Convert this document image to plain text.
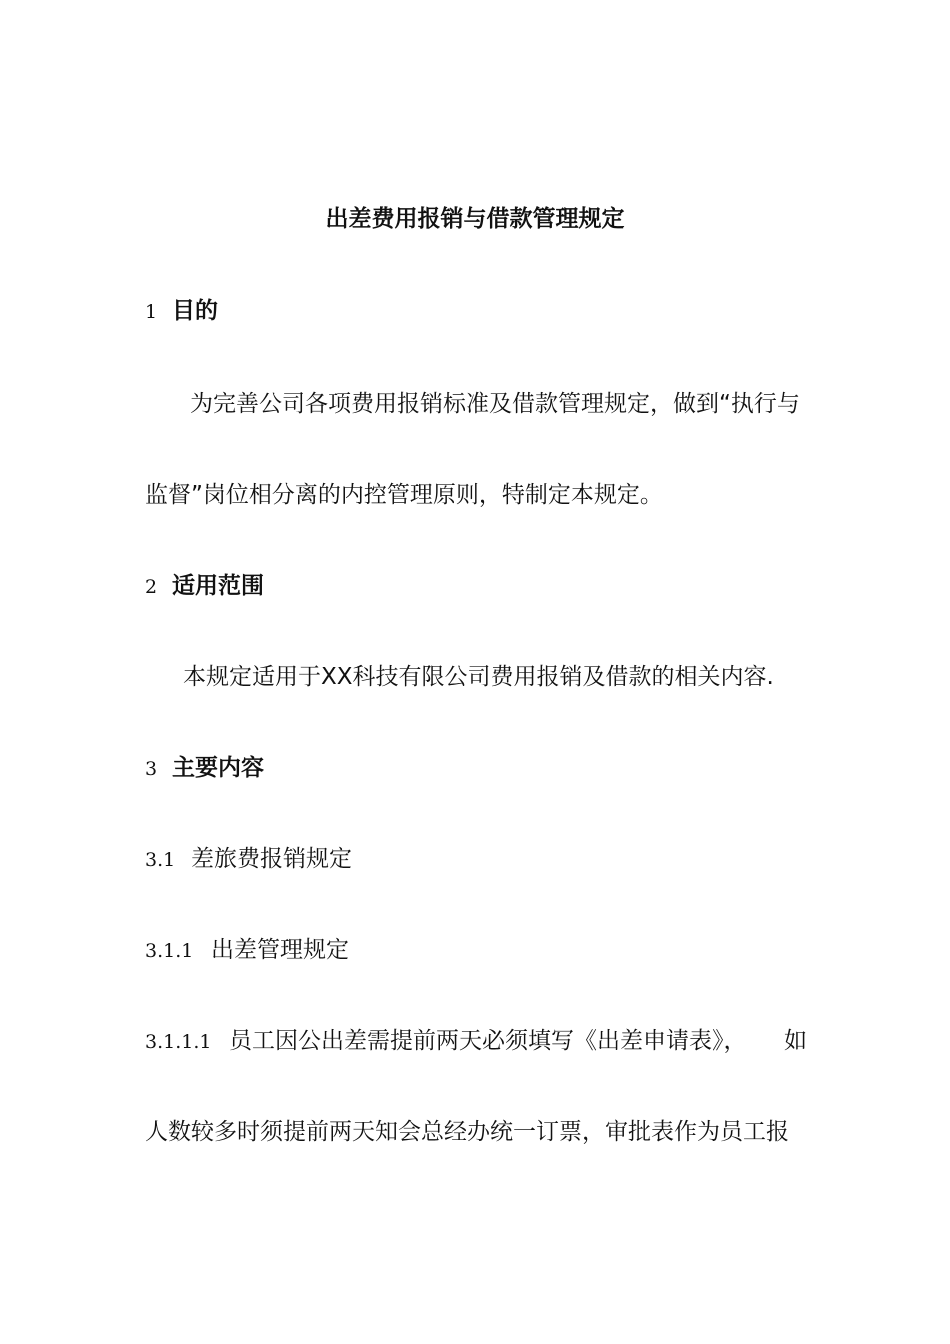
出差费用报销与借款管理规定
1 目的
为完善公司各项费用报销标准及借款管理规定，做到“执行与
监督”岗位相分离的内控管理原则，特制定本规定。
2 适用范围
本规定适用于XX科技有限公司费用报销及借款的相关内容.
3 主要内容
3.1 差旅费报销规定
3.1.1 出差管理规定
3.1.1.1 员工因公出差需提前两天必须填写《出差申请表》， 如
人数较多时须提前两天知会总经办统一订票，审批表作为员工报
